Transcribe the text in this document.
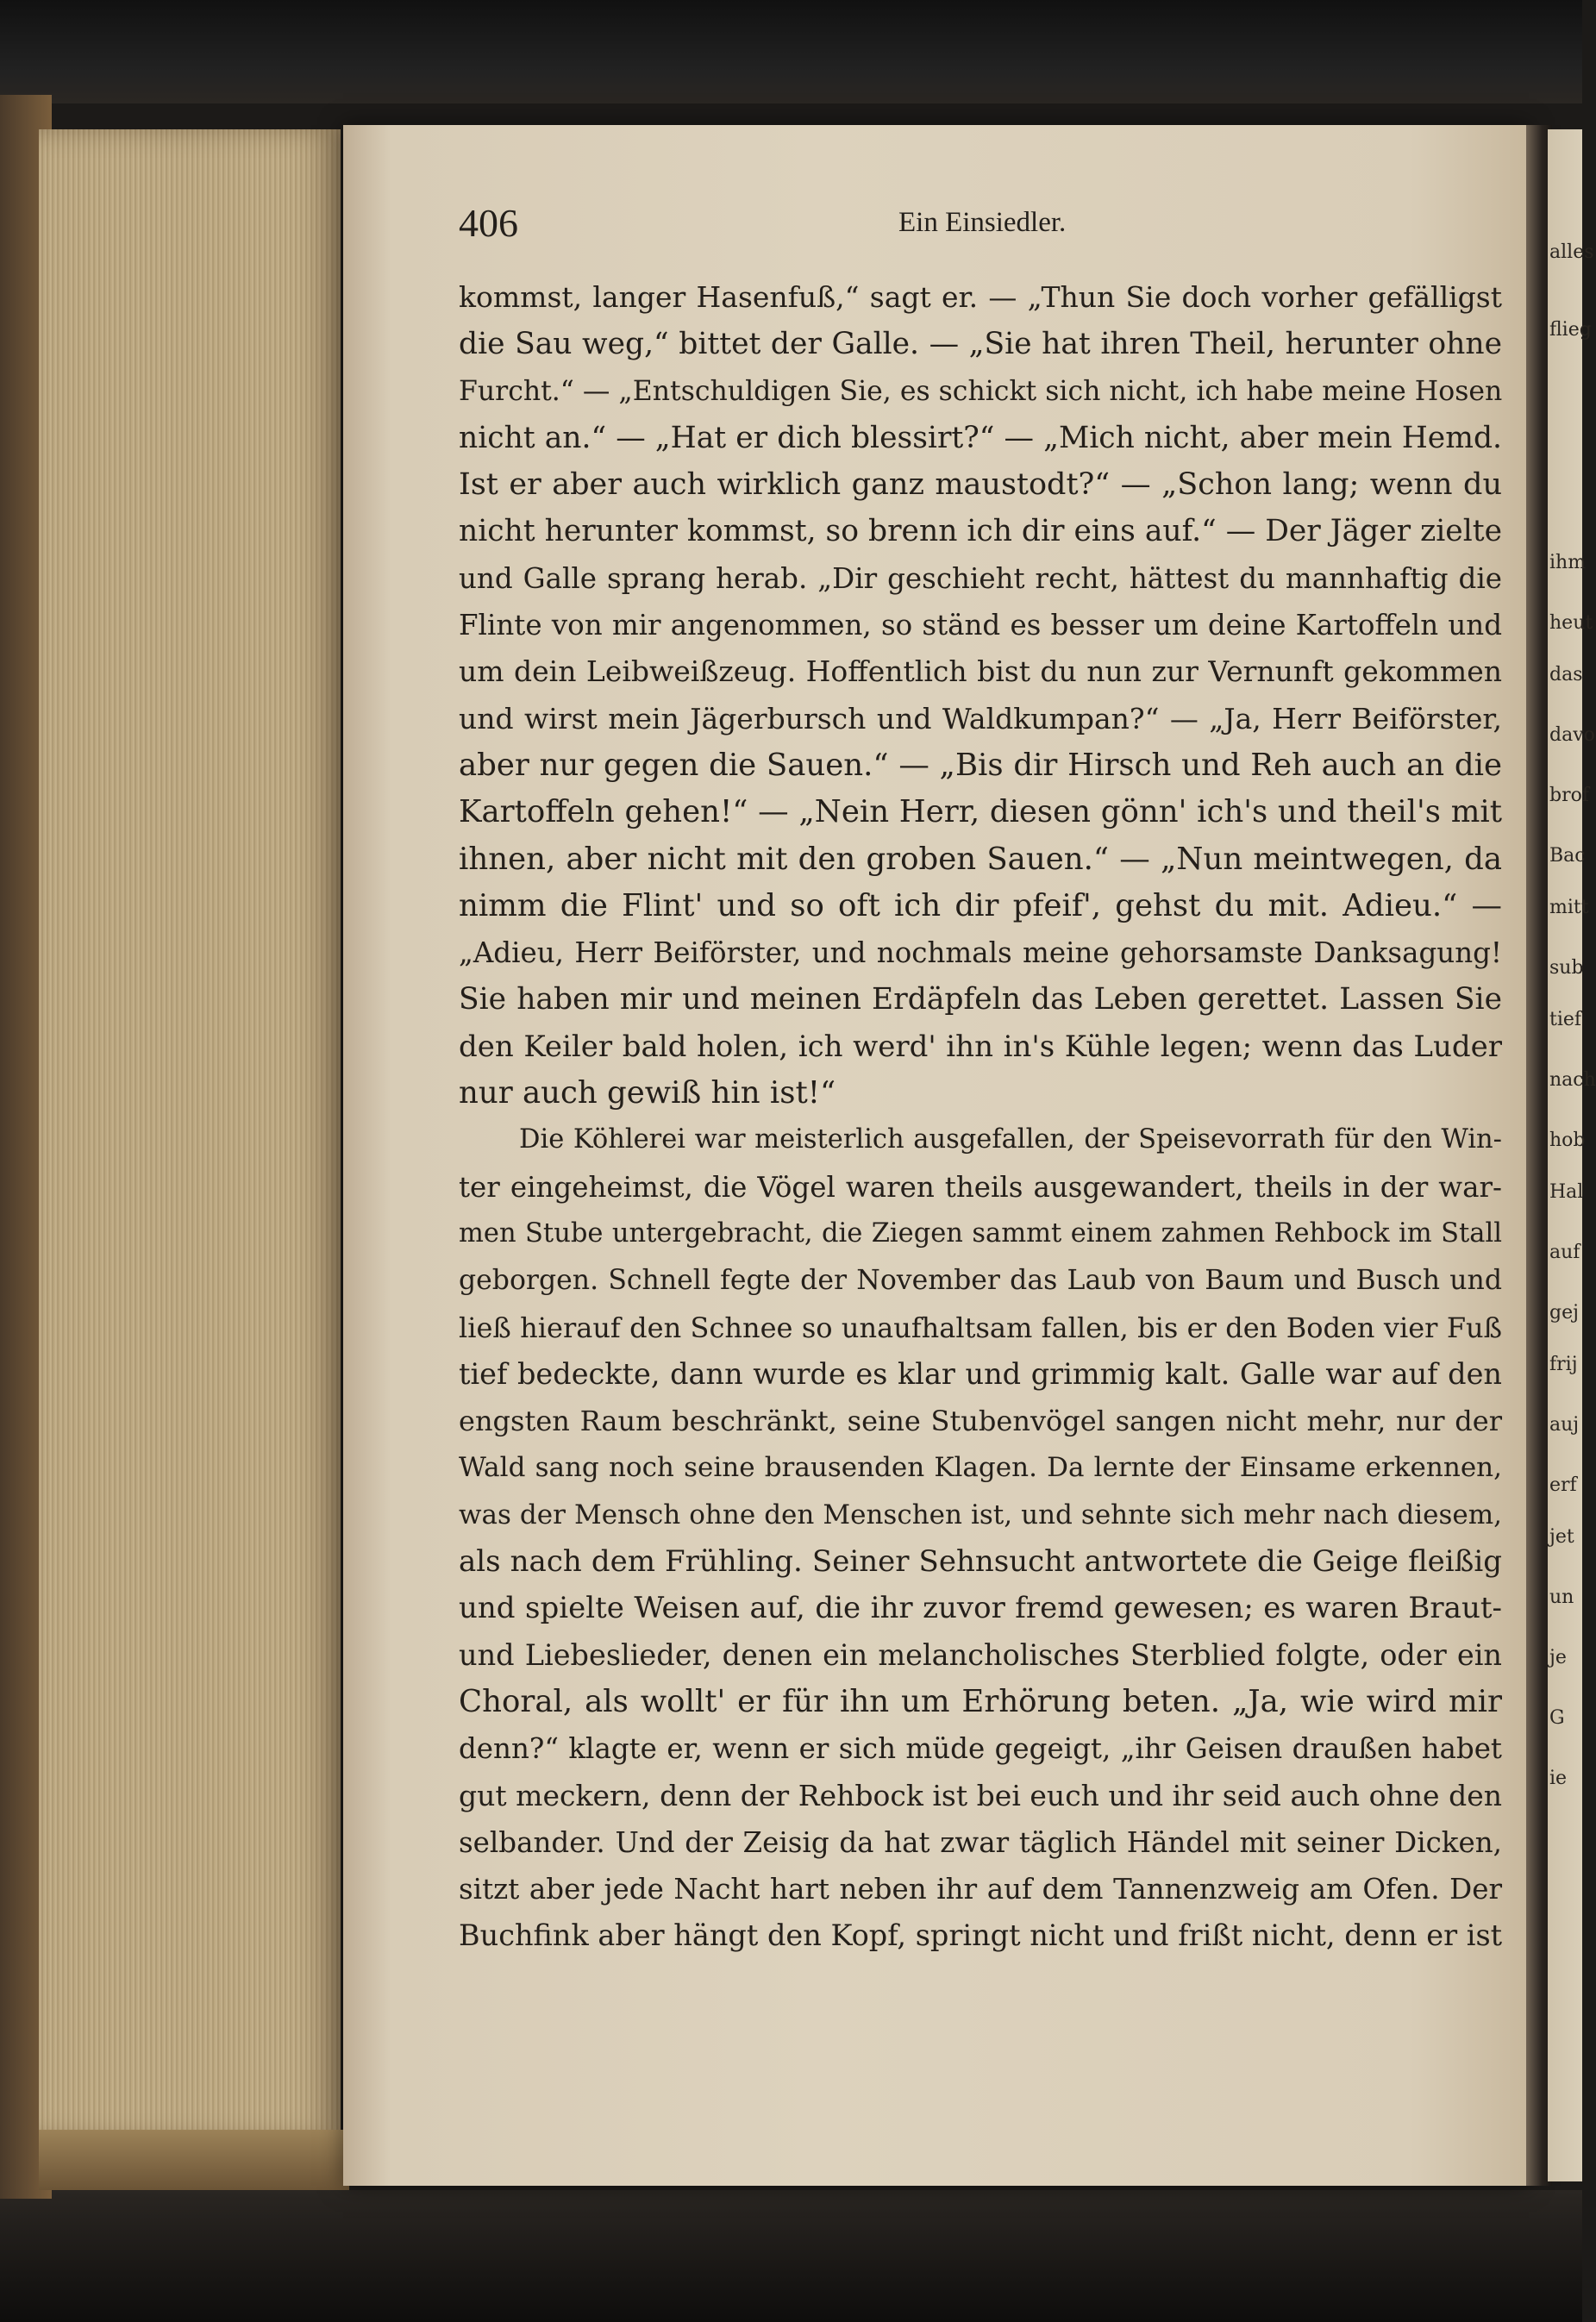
alles
flieg
ihm
heut
das
davo
brof
Bac
mitt
sub
tief
nach
hob
Hal
auf
gej
frij
auj
erf
jet
un
je
G
ie
406	Ein Einsiedler.
kommst, langer Hasenfuß,“ sagt er. — „Thun Sie doch vorher gefälligst
die Sau weg,“ bittet der Galle. — „Sie hat ihren Theil, herunter ohne
Furcht.“ — „Entschuldigen Sie, es schickt sich nicht, ich habe meine Hosen
nicht an.“ — „Hat er dich blessirt?“ — „Mich nicht, aber mein Hemd.
Ist er aber auch wirklich ganz maustodt?“ — „Schon lang; wenn du
nicht herunter kommst, so brenn ich dir eins auf.“ — Der Jäger zielte
und Galle sprang herab. „Dir geschieht recht, hättest du mannhaftig die
Flinte von mir angenommen, so ständ es besser um deine Kartoffeln und
um dein Leibweißzeug. Hoffentlich bist du nun zur Vernunft gekommen
und wirst mein Jägerbursch und Waldkumpan?“ — „Ja, Herr Beiförster,
aber nur gegen die Sauen.“ — „Bis dir Hirsch und Reh auch an die
Kartoffeln gehen!“ — „Nein Herr, diesen gönn' ich's und theil's mit
ihnen, aber nicht mit den groben Sauen.“ — „Nun meintwegen, da
nimm die Flint' und so oft ich dir pfeif', gehst du mit. Adieu.“ —
„Adieu, Herr Beiförster, und nochmals meine gehorsamste Danksagung!
Sie haben mir und meinen Erdäpfeln das Leben gerettet. Lassen Sie
den Keiler bald holen, ich werd' ihn in's Kühle legen; wenn das Luder
nur auch gewiß hin ist!“
Die Köhlerei war meisterlich ausgefallen, der Speisevorrath für den Win-
ter eingeheimst, die Vögel waren theils ausgewandert, theils in der war-
men Stube untergebracht, die Ziegen sammt einem zahmen Rehbock im Stall
geborgen. Schnell fegte der November das Laub von Baum und Busch und
ließ hierauf den Schnee so unaufhaltsam fallen, bis er den Boden vier Fuß
tief bedeckte, dann wurde es klar und grimmig kalt. Galle war auf den
engsten Raum beschränkt, seine Stubenvögel sangen nicht mehr, nur der
Wald sang noch seine brausenden Klagen. Da lernte der Einsame erkennen,
was der Mensch ohne den Menschen ist, und sehnte sich mehr nach diesem,
als nach dem Frühling. Seiner Sehnsucht antwortete die Geige fleißig
und spielte Weisen auf, die ihr zuvor fremd gewesen; es waren Braut-
und Liebeslieder, denen ein melancholisches Sterblied folgte, oder ein
Choral, als wollt' er für ihn um Erhörung beten. „Ja, wie wird mir
denn?“ klagte er, wenn er sich müde gegeigt, „ihr Geisen draußen habet
gut meckern, denn der Rehbock ist bei euch und ihr seid auch ohne den
selbander. Und der Zeisig da hat zwar täglich Händel mit seiner Dicken,
sitzt aber jede Nacht hart neben ihr auf dem Tannenzweig am Ofen. Der
Buchfink aber hängt den Kopf, springt nicht und frißt nicht, denn er ist
